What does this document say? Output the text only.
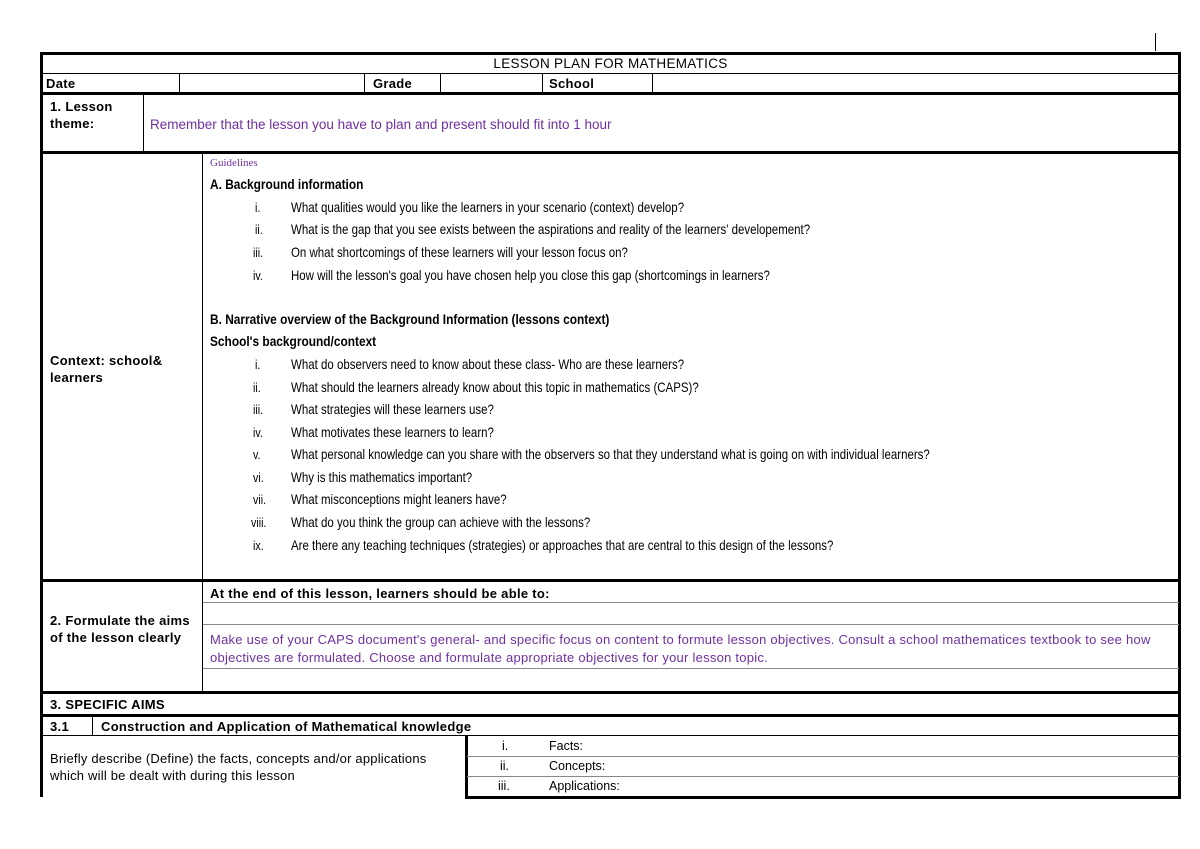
LESSON PLAN FOR MATHEMATICS
Date	Grade	School
1. Lesson theme:	Remember that the lesson you have to plan and present should fit into 1 hour
Context: school& learners
Guidelines
A. Background information
i. What qualities would you like the learners in your scenario (context) develop?
ii. What is the gap that you see exists between the aspirations and reality of the learners' developement?
iii. On what shortcomings of these learners will your lesson focus on?
iv. How will the lesson's goal you have chosen help you close this gap (shortcomings in learners?
B. Narrative overview of the Background Information (lessons context)
School's background/context
i. What do observers need to know about these class- Who are these learners?
ii. What should the learners already know about this topic in mathematics (CAPS)?
iii. What strategies will these learners use?
iv. What motivates these learners to learn?
v. What personal knowledge can you share with the observers so that they understand what is going on with individual learners?
vi. Why is this mathematics important?
vii. What misconceptions might leaners have?
viii. What do you think the group can achieve with the lessons?
ix. Are there any teaching techniques (strategies) or approaches that are central to this design of the lessons?
2. Formulate the aims of the lesson clearly
At the end of this lesson, learners should be able to:
Make use of your CAPS document's general- and specific focus on content to formute lesson objectives. Consult a school mathematices textbook to see how objectives are formulated. Choose and formulate appropriate objectives for your lesson topic.
3. SPECIFIC AIMS
3.1 Construction and Application of Mathematical knowledge
Briefly describe (Define) the facts, concepts and/or applications which will be dealt with during this lesson
i.	Facts:
ii.	Concepts:
iii.	Applications:
